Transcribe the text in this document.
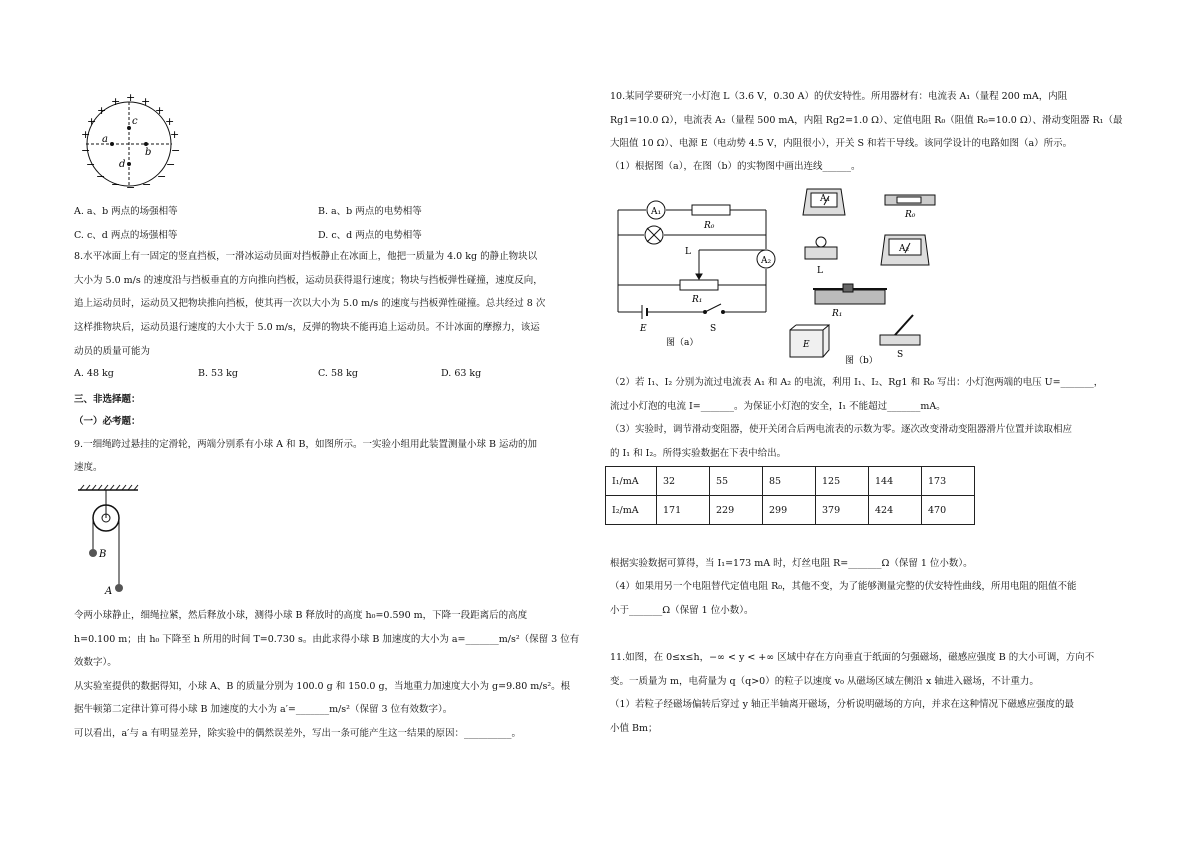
+
+ +
+	+
+	+
+	+
−	−
−	−
−	−
− −
−
c
a
b
d
A. a、b 两点的场强相等	B. a、b 两点的电势相等
C. c、d 两点的场强相等	D. c、d 两点的电势相等
8.水平冰面上有一固定的竖直挡板，一滑冰运动员面对挡板静止在冰面上，他把一质量为 4.0 kg 的静止物块以
大小为 5.0 m/s 的速度沿与挡板垂直的方向推向挡板，运动员获得退行速度；物块与挡板弹性碰撞，速度反向，
追上运动员时，运动员又把物块推向挡板，使其再一次以大小为 5.0 m/s 的速度与挡板弹性碰撞。总共经过 8 次
这样推物块后，运动员退行速度的大小大于 5.0 m/s，反弹的物块不能再追上运动员。不计冰面的摩擦力，该运
动员的质量可能为
A. 48 kg	B. 53 kg	C. 58 kg	D. 63 kg
三、非选择题：
（一）必考题：
9.一细绳跨过悬挂的定滑轮，两端分别系有小球 A 和 B，如图所示。一实验小组用此装置测量小球 B 运动的加
速度。
B
A
令两小球静止，细绳拉紧，然后释放小球，测得小球 B 释放时的高度 h₀=0.590 m，下降一段距离后的高度
h=0.100 m；由 h₀ 下降至 h 所用的时间 T=0.730 s。由此求得小球 B 加速度的大小为 a=_______m/s²（保留 3 位有
效数字）。
从实验室提供的数据得知，小球 A、B 的质量分别为 100.0 g 和 150.0 g，当地重力加速度大小为 g=9.80 m/s²。根
据牛顿第二定律计算可得小球 B 加速度的大小为 a′=_______m/s²（保留 3 位有效数字）。
可以看出，a′与 a 有明显差异，除实验中的偶然误差外，写出一条可能产生这一结果的原因：__________。
10.某同学要研究一小灯泡 L（3.6 V，0.30 A）的伏安特性。所用器材有：电流表 A₁（量程 200 mA，内阻
Rg1=10.0 Ω），电流表 A₂（量程 500 mA，内阻 Rg2=1.0 Ω）、定值电阻 R₀（阻值 R₀=10.0 Ω）、滑动变阻器 R₁（最
大阻值 10 Ω）、电源 E（电动势 4.5 V，内阻很小），开关 S 和若干导线。该同学设计的电路如图（a）所示。
（1）根据图（a），在图（b）的实物图中画出连线______。
A₁
R₀
L
A₂
R₁
E	S
图（a）
A₁
R₀
L
A₂
R₁
E
S
图（b）
（2）若 I₁、I₂ 分别为流过电流表 A₁ 和 A₂ 的电流，利用 I₁、I₂、Rg1 和 R₀ 写出：小灯泡两端的电压 U=_______，
流过小灯泡的电流 I=_______。为保证小灯泡的安全，I₁ 不能超过_______mA。
（3）实验时，调节滑动变阻器，使开关闭合后两电流表的示数为零。逐次改变滑动变阻器滑片位置并读取相应
的 I₁ 和 I₂。所得实验数据在下表中给出。
I₁/mA	32	55	85	125	144	173
I₂/mA	171	229	299	379	424	470
根据实验数据可算得，当 I₁=173 mA 时，灯丝电阻 R=_______Ω（保留 1 位小数）。
（4）如果用另一个电阻替代定值电阻 R₀，其他不变，为了能够测量完整的伏安特性曲线，所用电阻的阻值不能
小于_______Ω（保留 1 位小数）。
11.如图，在 0≤x≤h，−∞ < y < +∞ 区域中存在方向垂直于纸面的匀强磁场，磁感应强度 B 的大小可调，方向不
变。一质量为 m，电荷量为 q（q>0）的粒子以速度 v₀ 从磁场区域左侧沿 x 轴进入磁场，不计重力。
（1）若粒子经磁场偏转后穿过 y 轴正半轴离开磁场，分析说明磁场的方向，并求在这种情况下磁感应强度的最
小值 Bm；
